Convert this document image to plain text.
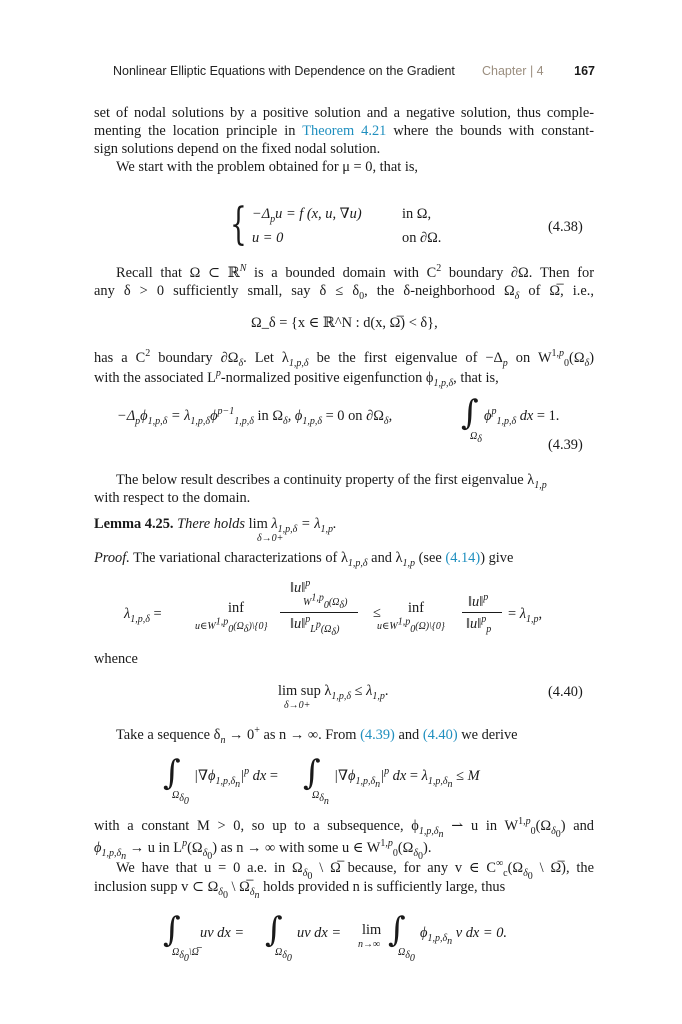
Nonlinear Elliptic Equations with Dependence on the Gradient Chapter | 4 167
set of nodal solutions by a positive solution and a negative solution, thus comple-
menting the location principle in Theorem 4.21 where the bounds with constant-
sign solutions depend on the fixed nodal solution.
We start with the problem obtained for μ = 0, that is,
{ $-\Delta_pu = f$ (x, u, ∇u)	in Ω,
u = 0	on ∂Ω.
(4.38)
Recall that Ω ⊂ ℝ$^N$ is a bounded domain with $C^2$ boundary ∂Ω. Then for
any δ > 0 sufficiently small, say $\delta \le \delta_0$, the δ-neighborhood $\Omega_\delta$ of Ω̅, i.e.,
Ω_δ = {x ∈ ℝ^N : d(x, Ω̅) < δ},
has a $C^2$ boundary $\partial\Omega_\delta$. Let $\lambda_{1,p,\delta}$ be the first eigenvalue of $-\Delta_p$ on $W^{1,p}_0(\Omega_\delta)$
with the associated $L^p$-normalized positive eigenfunction $\phi_{1,p,\delta}$, that is,
$-\Delta_p\phi_{1,p,\delta} = \lambda_{1,p,\delta}\phi^{p-1}_{1,p,\delta}$ in $\Omega_\delta$, $\phi_{1,p,\delta} = 0$ on $\partial\Omega_\delta$, ∫
$\Omega_\delta$
$\phi^p_{1,p,\delta}$ dx = 1.
(4.39)
The below result describes a continuity property of the first eigenvalue $\lambda_{1,p}$
with respect to the domain.
Lemma 4.25. There holds $\lim \lambda_{1,p,\delta} = \lambda_{1,p}$.
δ→0+
Proof. The variational characterizations of $\lambda_{1,p,\delta}$ and $\lambda_{1,p}$ (see (4.14)) give
$\lambda_{1,p,\delta}$ =	inf
$u\in W^{1,p}_0(\Omega_\delta)\backslash\{0\}$
‖u‖$^p$
$W^{1,p}_0(\Omega_\delta)$
‖u‖$^p_{L^p(\Omega_\delta)}$
≤ inf
$u\in W^{1,p}_0(\Omega)\backslash\{0\}$
‖u‖$^p$
‖u‖$^p_p$
= $\lambda_{1,p}$,
whence
lim sup $\lambda_{1,p,\delta} \le \lambda_{1,p}$.
δ→0+
(4.40)
Take a sequence $\delta_n \to 0^+$ as n → ∞. From (4.39) and (4.40) we derive
∫
$\Omega_{\delta_0}$
$|\nabla\phi_{1,p,\delta_n}|^p$ dx = ∫
$\Omega_{\delta_n}$
$|\nabla\phi_{1,p,\delta_n}|^p$ dx = $\lambda_{1,p,\delta_n} \le M$
with a constant M > 0, so up to a subsequence, $\phi_{1,p,\delta_n}$ ⇀ u in $W^{1,p}_0(\Omega_{\delta_0})$ and
$\phi_{1,p,\delta_n} \to u$ in $L^p(\Omega_{\delta_0})$ as n → ∞ with some u ∈ $W^{1,p}_0(\Omega_{\delta_0})$.
We have that u = 0 a.e. in $\Omega_{\delta_0}$ \ Ω̅ because, for any v ∈ $C^\infty_c(\Omega_{\delta_0}$ \ Ω̅), the
inclusion supp v ⊂ $\Omega_{\delta_0}$ \ $\Omega̅_{\delta_n}$ holds provided n is sufficiently large, thus
∫
$\Omega_{\delta_0}\backslash\Omega̅$
uv dx = ∫
$\Omega_{\delta_0}$
uv dx = lim
n→∞ ∫
$\Omega_{\delta_0}$
$\phi_{1,p,\delta_n}$ v dx = 0.
